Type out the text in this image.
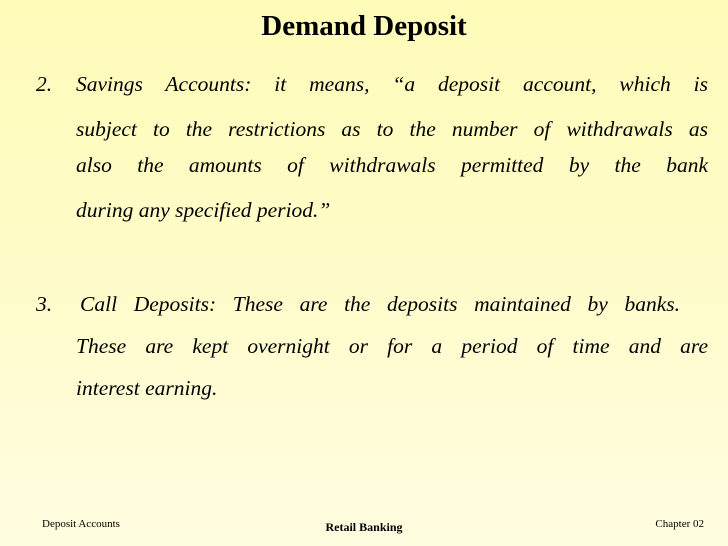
Demand Deposit
2. Savings Accounts: it means, “a deposit account, which is
subject to the restrictions as to the number of withdrawals as
also the amounts of withdrawals permitted by the bank
during any specified period.”
3. Call Deposits: These are the deposits maintained by banks.
These are kept overnight or for a period of time and are
interest earning.
Deposit Accounts	Retail Banking	Chapter 02
